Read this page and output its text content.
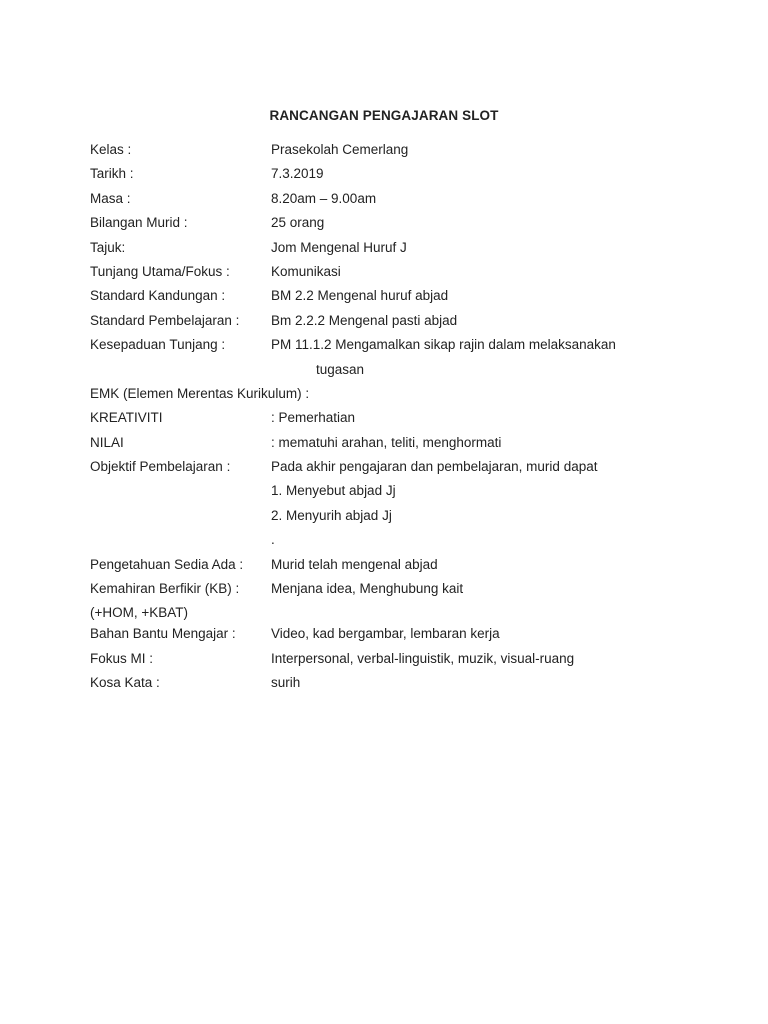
RANCANGAN PENGAJARAN SLOT
Kelas :	Prasekolah Cemerlang
Tarikh :	7.3.2019
Masa :	8.20am – 9.00am
Bilangan Murid :	25 orang
Tajuk:	Jom Mengenal Huruf J
Tunjang Utama/Fokus :	Komunikasi
Standard Kandungan :	BM 2.2 Mengenal huruf abjad
Standard Pembelajaran : Bm 2.2.2 Mengenal pasti abjad
Kesepaduan Tunjang :	PM 11.1.2 Mengamalkan sikap rajin dalam melaksanakan
tugasan
EMK (Elemen Merentas Kurikulum) :
KREATIVITI	: Pemerhatian
NILAI	: mematuhi arahan, teliti, menghormati
Objektif Pembelajaran :	Pada akhir pengajaran dan pembelajaran, murid dapat
1. Menyebut abjad Jj
2. Menyurih abjad Jj
.
Pengetahuan Sedia Ada : Murid telah mengenal abjad
Kemahiran Berfikir (KB) : Menjana idea, Menghubung kait
(+HOM, +KBAT)
Bahan Bantu Mengajar :	Video, kad bergambar, lembaran kerja
Fokus MI :	Interpersonal, verbal-linguistik, muzik, visual-ruang
Kosa Kata :	surih
